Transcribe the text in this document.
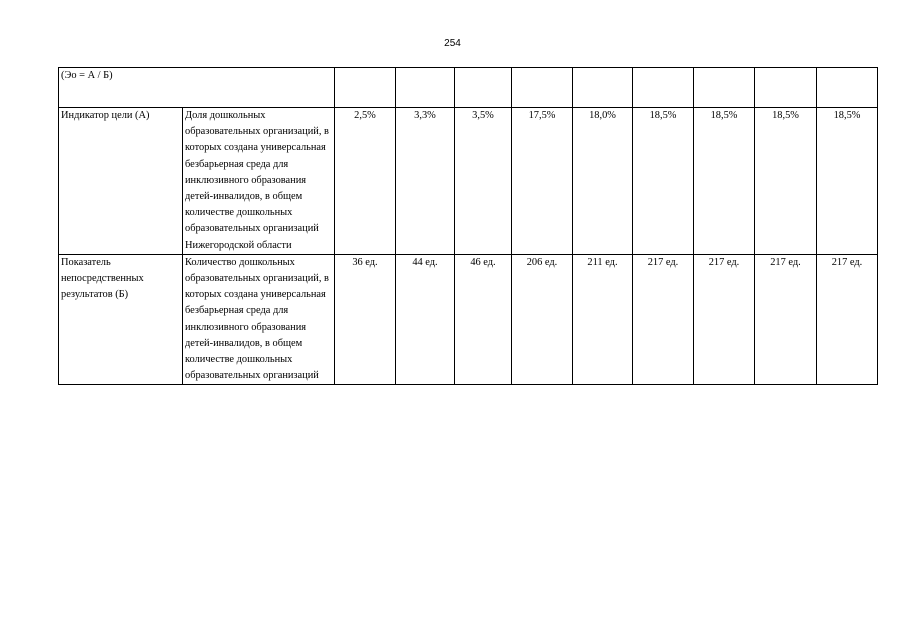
254
(Эо = А / Б)										
Индикатор цели (А)	Доля дошкольных образовательных организаций, в которых создана универсальная безбарьерная среда для инклюзивного образования детей-инвалидов, в общем количестве дошкольных образовательных организаций Нижегородской области	2,5%	3,3%	3,5%	17,5%	18,0%	18,5%	18,5%	18,5%	18,5%
Показатель непосредственных результатов (Б)	Количество дошкольных образовательных организаций, в которых создана универсальная безбарьерная среда для инклюзивного образования детей-инвалидов, в общем количестве дошкольных образовательных организаций	36 ед.	44 ед.	46 ед.	206 ед.	211 ед.	217 ед.	217 ед.	217 ед.	217 ед.
